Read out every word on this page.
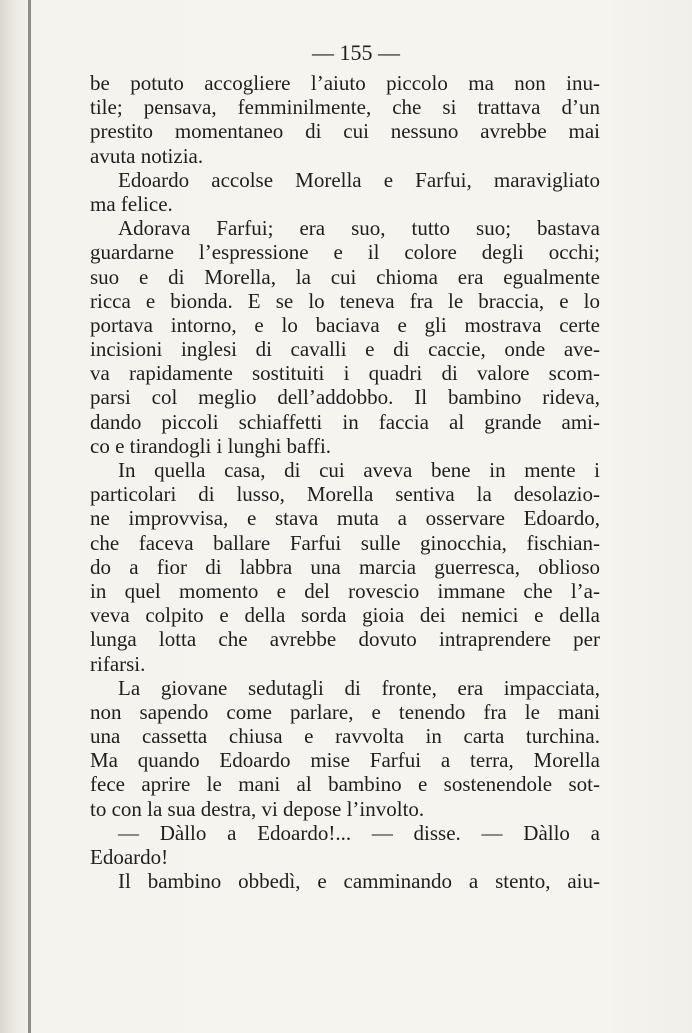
— 155 —

be potuto accogliere l’aiuto piccolo ma non inu-
tile; pensava, femminilmente, che si trattava d’un
prestito momentaneo di cui nessuno avrebbe mai
avuta notizia.
Edoardo accolse Morella e Farfui, maravigliato
ma felice.
Adorava Farfui; era suo, tutto suo; bastava
guardarne l’espressione e il colore degli occhi;
suo e di Morella, la cui chioma era egualmente
ricca e bionda. E se lo teneva fra le braccia, e lo
portava intorno, e lo baciava e gli mostrava certe
incisioni inglesi di cavalli e di caccie, onde ave-
va rapidamente sostituiti i quadri di valore scom-
parsi col meglio dell’addobbo. Il bambino rideva,
dando piccoli schiaffetti in faccia al grande ami-
co e tirandogli i lunghi baffi.
In quella casa, di cui aveva bene in mente i
particolari di lusso, Morella sentiva la desolazio-
ne improvvisa, e stava muta a osservare Edoardo,
che faceva ballare Farfui sulle ginocchia, fischian-
do a fior di labbra una marcia guerresca, oblioso
in quel momento e del rovescio immane che l’a-
veva colpito e della sorda gioia dei nemici e della
lunga lotta che avrebbe dovuto intraprendere per
rifarsi.
La giovane sedutagli di fronte, era impacciata,
non sapendo come parlare, e tenendo fra le mani
una cassetta chiusa e ravvolta in carta turchina.
Ma quando Edoardo mise Farfui a terra, Morella
fece aprire le mani al bambino e sostenendole sot-
to con la sua destra, vi depose l’involto.
— Dàllo a Edoardo!... — disse. — Dàllo a
Edoardo!
Il bambino obbedì, e camminando a stento, aiu-
